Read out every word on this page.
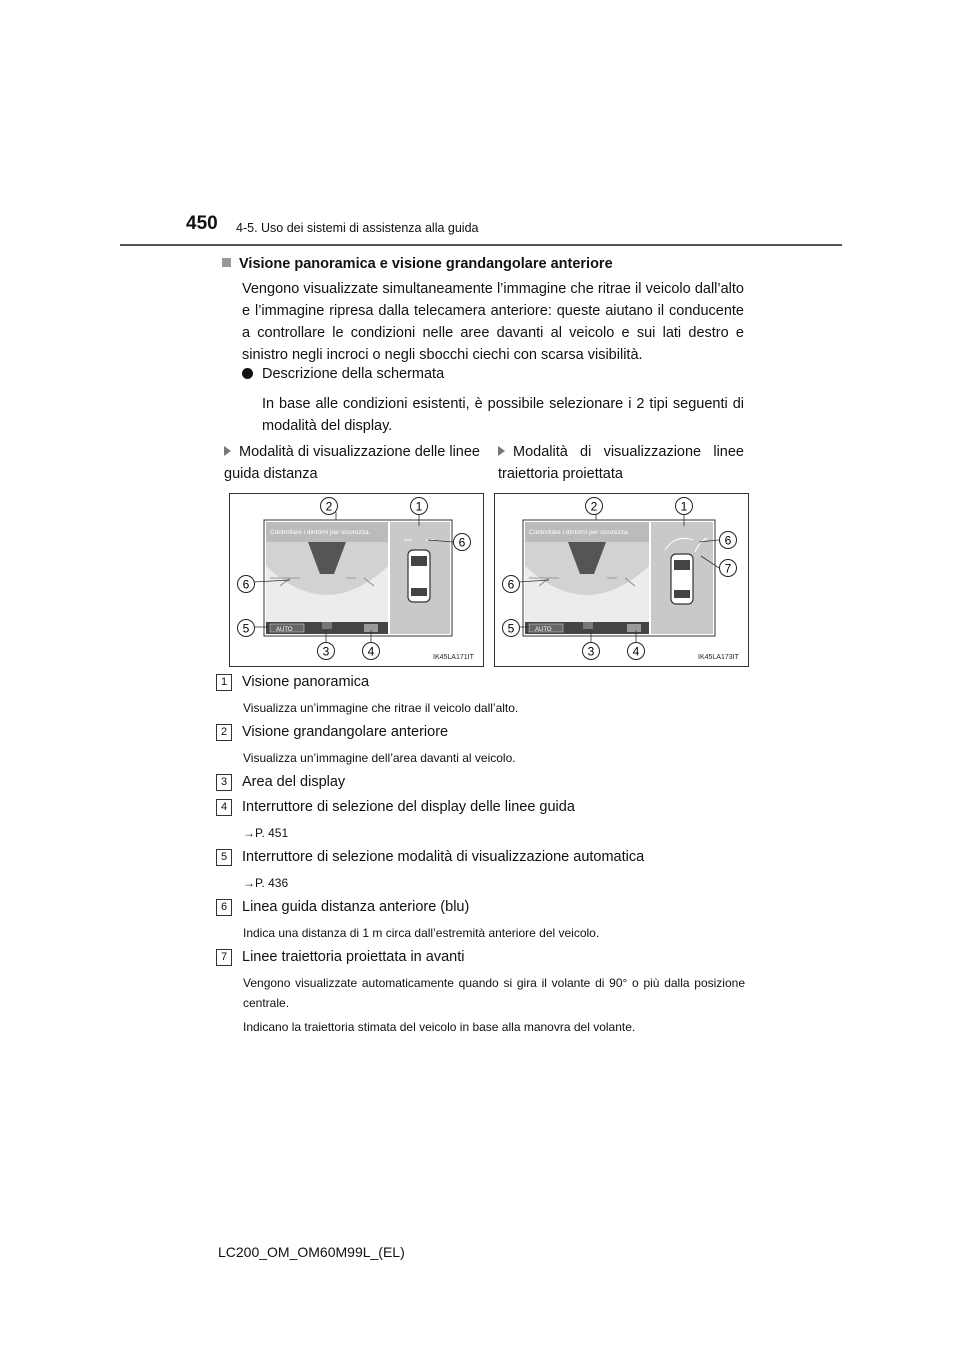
450 4-5. Uso dei sistemi di assistenza alla guida
Visione panoramica e visione grandangolare anteriore
Vengono visualizzate simultaneamente l’immagine che ritrae il veicolo dall’alto e l’immagine ripresa dalla telecamera anteriore: queste aiutano il conducente a controllare le condizioni nelle aree davanti al veicolo e sui lati destro e sinistro negli incroci o negli sbocchi ciechi con scarsa visibilità.
Descrizione della schermata
In base alle condizioni esistenti, è possibile selezionare i 2 tipi seguenti di modalità del display.
Modalità di visualizzazione delle linee guida distanza
Modalità di visualizzazione linee traiettoria proiettata
Controllare i dintorni per sicurezza.
AUTO
2	1
6
6
5
3	4	IK45LA171IT
Controllare i dintorni per sicurezza.
AUTO
2	1
6
7
6
5
3	4	IK45LA173IT
1 Visione panoramica
Visualizza un’immagine che ritrae il veicolo dall’alto.
2 Visione grandangolare anteriore
Visualizza un’immagine dell’area davanti al veicolo.
3 Area del display
4 Interruttore di selezione del display delle linee guida
→P. 451
5 Interruttore di selezione modalità di visualizzazione automatica
→P. 436
6 Linea guida distanza anteriore (blu)
Indica una distanza di 1 m circa dall’estremità anteriore del veicolo.
7 Linee traiettoria proiettata in avanti
Vengono visualizzate automaticamente quando si gira il volante di 90° o più dalla posizione centrale.
Indicano la traiettoria stimata del veicolo in base alla manovra del volante.
LC200_OM_OM60M99L_(EL)
